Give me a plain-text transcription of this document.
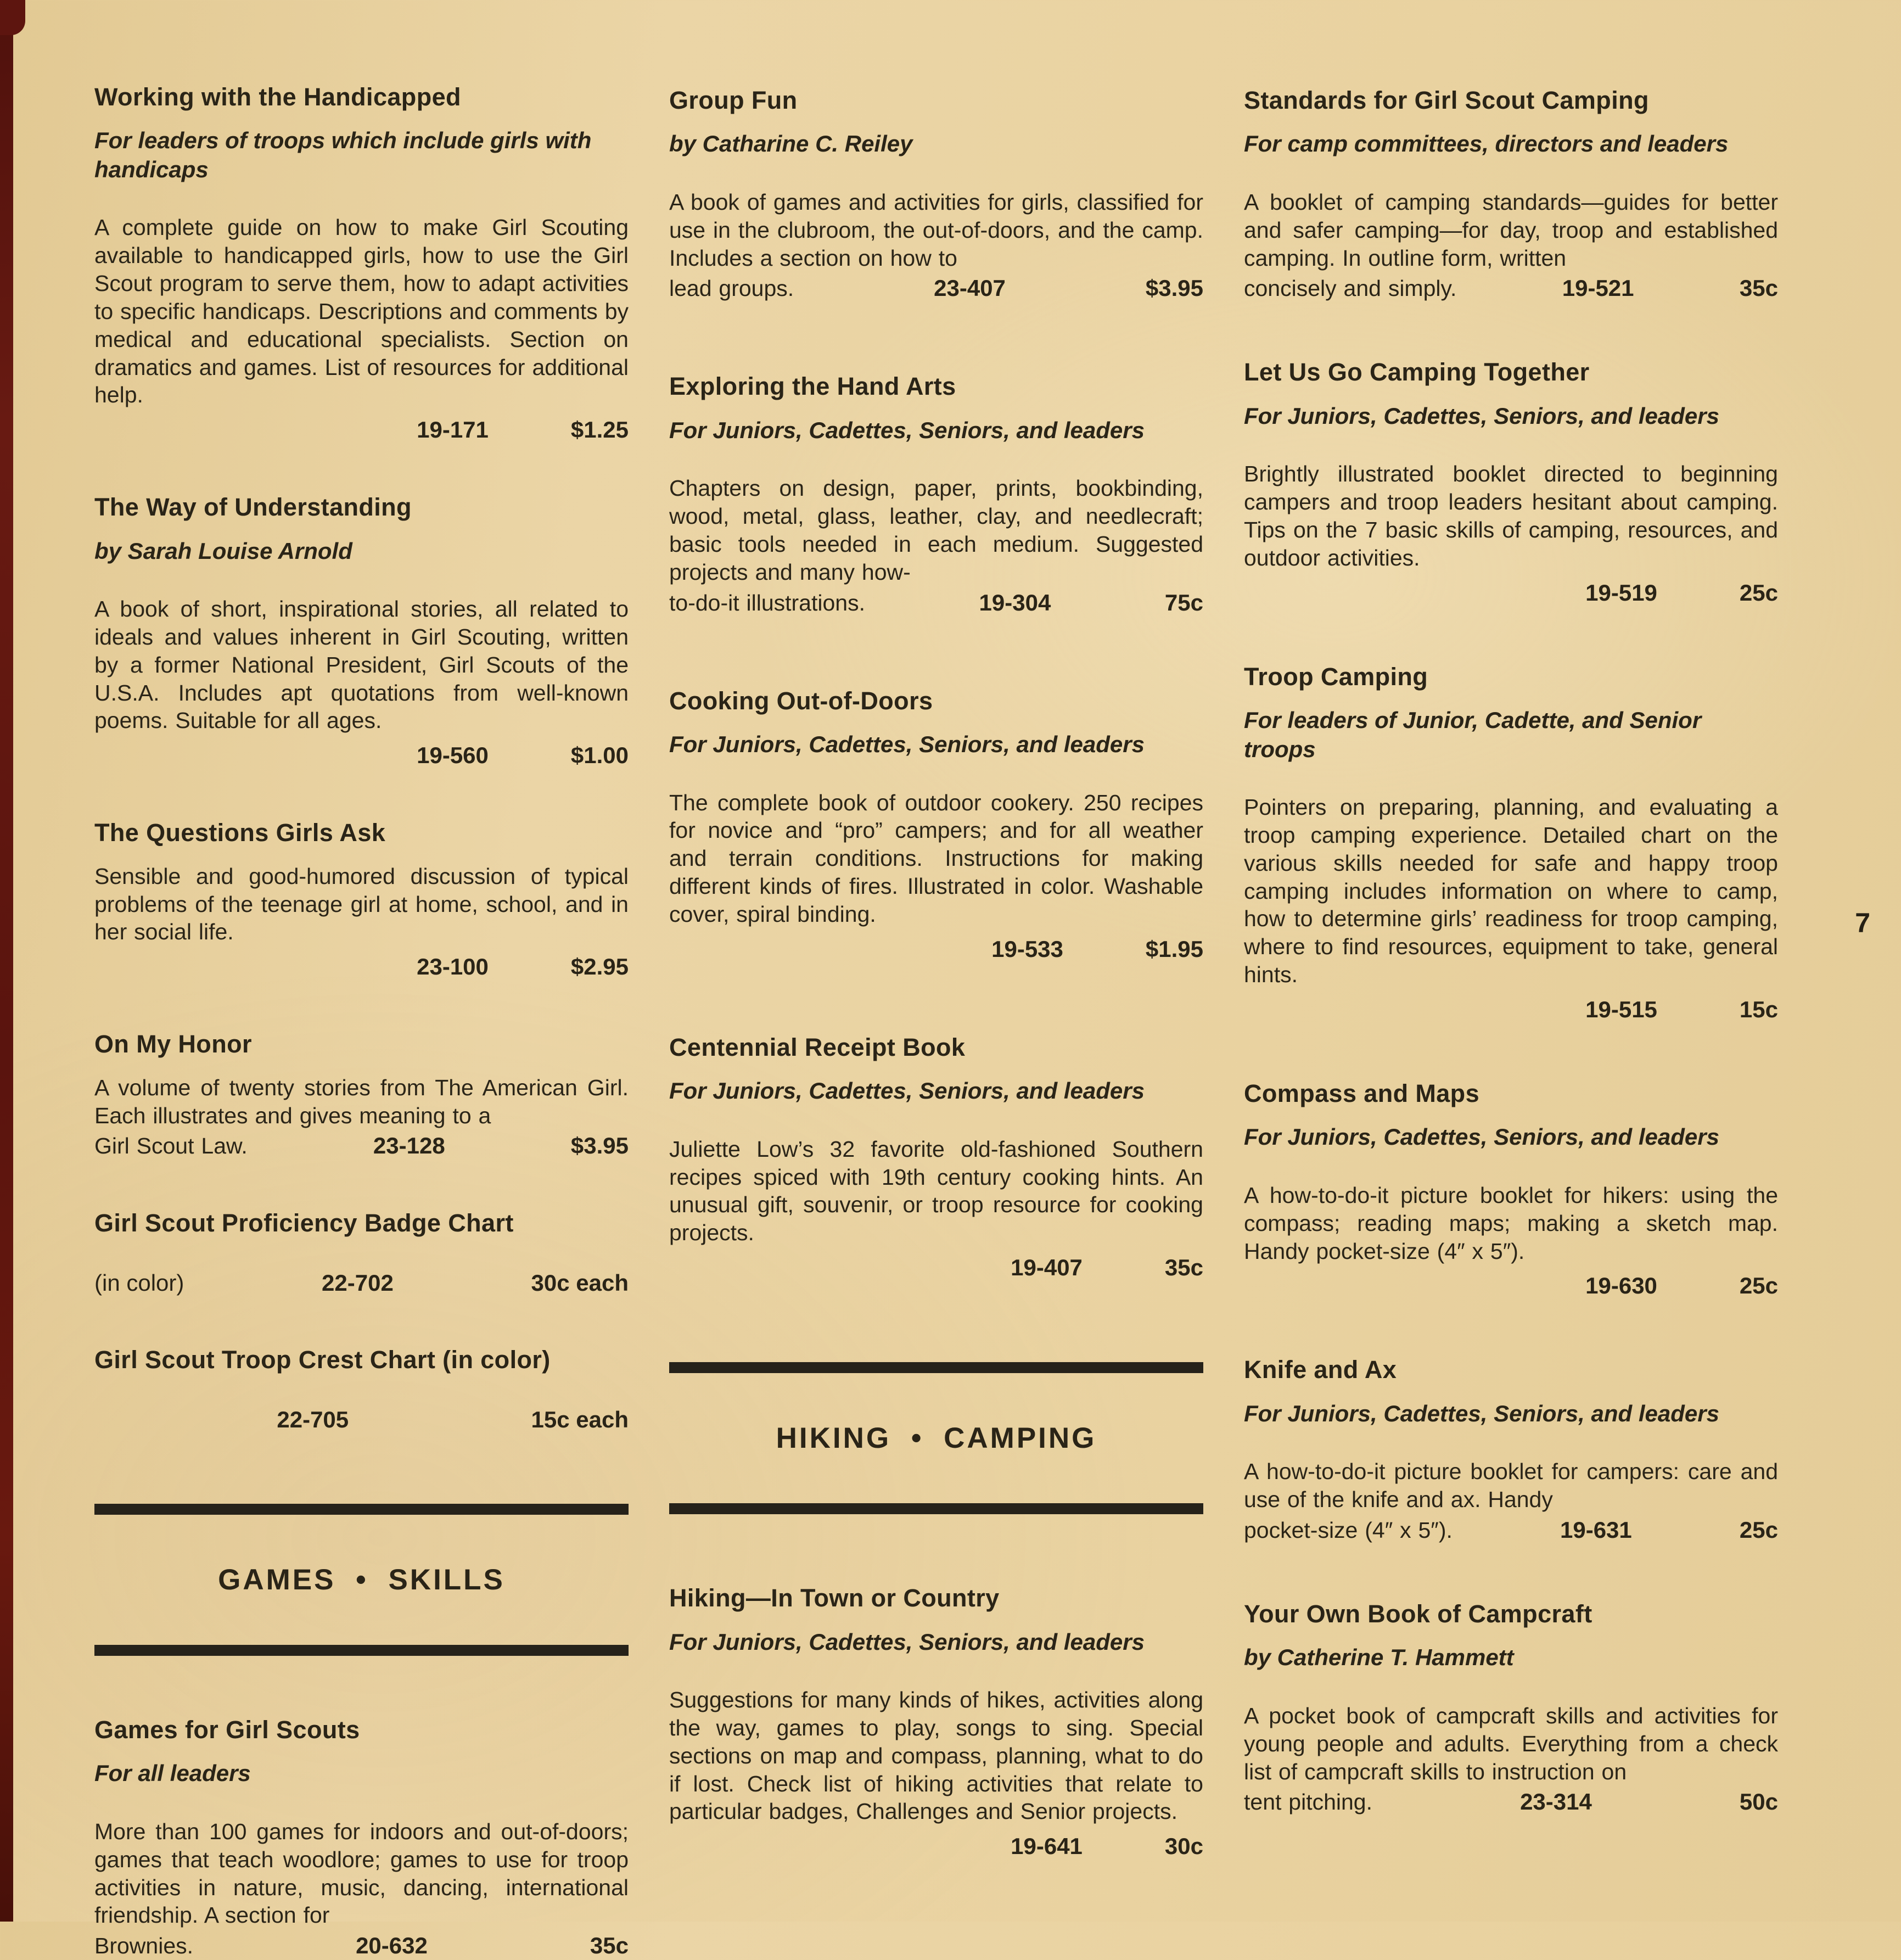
Working with the Handicapped

For leaders of troops which include girls with handicaps

A complete guide on how to make Girl Scouting available to handicapped girls, how to use the Girl Scout program to serve them, how to adapt activities to specific handicaps. Descriptions and comments by medical and educational specialists. Section on dramatics and games. List of resources for additional help.

19-171	$1.25
The Way of Understanding

by Sarah Louise Arnold

A book of short, inspirational stories, all related to ideals and values inherent in Girl Scouting, written by a former National President, Girl Scouts of the U.S.A. Includes apt quotations from well-known poems. Suitable for all ages.

19-560	$1.00
The Questions Girls Ask

Sensible and good-humored discussion of typical problems of the teenage girl at home, school, and in her social life.

23-100	$2.95
On My Honor

A volume of twenty stories from The American Girl. Each illustrates and gives meaning to a

Girl Scout Law.	23-128	$3.95
Girl Scout Proficiency Badge Chart
(in color)	22-702	30c each
Girl Scout Troop Crest Chart (in color)
22-705	15c each
GAMES • SKILLS
Games for Girl Scouts

For all leaders

More than 100 games for indoors and out-of-doors; games that teach woodlore; games to use for troop activities in nature, music, dancing, international friendship. A section for

Brownies.	20-632	35c
Group Fun

by Catharine C. Reiley

A book of games and activities for girls, classified for use in the clubroom, the out-of-doors, and the camp. Includes a section on how to

lead groups.	23-407	$3.95
Exploring the Hand Arts

For Juniors, Cadettes, Seniors, and leaders

Chapters on design, paper, prints, bookbinding, wood, metal, glass, leather, clay, and needlecraft; basic tools needed in each medium. Suggested projects and many how-

to-do-it illustrations.	19-304	75c
Cooking Out-of-Doors

For Juniors, Cadettes, Seniors, and leaders

The complete book of outdoor cookery. 250 recipes for novice and “pro” campers; and for all weather and terrain conditions. Instructions for making different kinds of fires. Illustrated in color. Washable cover, spiral binding.

19-533	$1.95
Centennial Receipt Book

For Juniors, Cadettes, Seniors, and leaders

Juliette Low’s 32 favorite old-fashioned Southern recipes spiced with 19th century cooking hints. An unusual gift, souvenir, or troop resource for cooking projects.

19-407	35c
HIKING • CAMPING
Hiking—In Town or Country

For Juniors, Cadettes, Seniors, and leaders

Suggestions for many kinds of hikes, activities along the way, games to play, songs to sing. Special sections on map and compass, planning, what to do if lost. Check list of hiking activities that relate to particular badges, Challenges and Senior projects.

19-641	30c
Standards for Girl Scout Camping

For camp committees, directors and leaders

A booklet of camping standards—guides for better and safer camping—for day, troop and established camping. In outline form, written

concisely and simply.	19-521	35c
Let Us Go Camping Together

For Juniors, Cadettes, Seniors, and leaders

Brightly illustrated booklet directed to beginning campers and troop leaders hesitant about camping. Tips on the 7 basic skills of camping, resources, and outdoor activities.

19-519	25c
Troop Camping

For leaders of Junior, Cadette, and Senior troops

Pointers on preparing, planning, and evaluating a troop camping experience. Detailed chart on the various skills needed for safe and happy troop camping includes information on where to camp, how to determine girls’ readiness for troop camping, where to find resources, equipment to take, general hints.

19-515	15c
Compass and Maps

For Juniors, Cadettes, Seniors, and leaders

A how-to-do-it picture booklet for hikers: using the compass; reading maps; making a sketch map. Handy pocket-size (4″ x 5″).

19-630	25c
Knife and Ax

For Juniors, Cadettes, Seniors, and leaders

A how-to-do-it picture booklet for campers: care and use of the knife and ax. Handy

pocket-size (4″ x 5″).	19-631	25c
Your Own Book of Campcraft

by Catherine T. Hammett

A pocket book of campcraft skills and activities for young people and adults. Everything from a check list of campcraft skills to instruction on

tent pitching.	23-314	50c
7
